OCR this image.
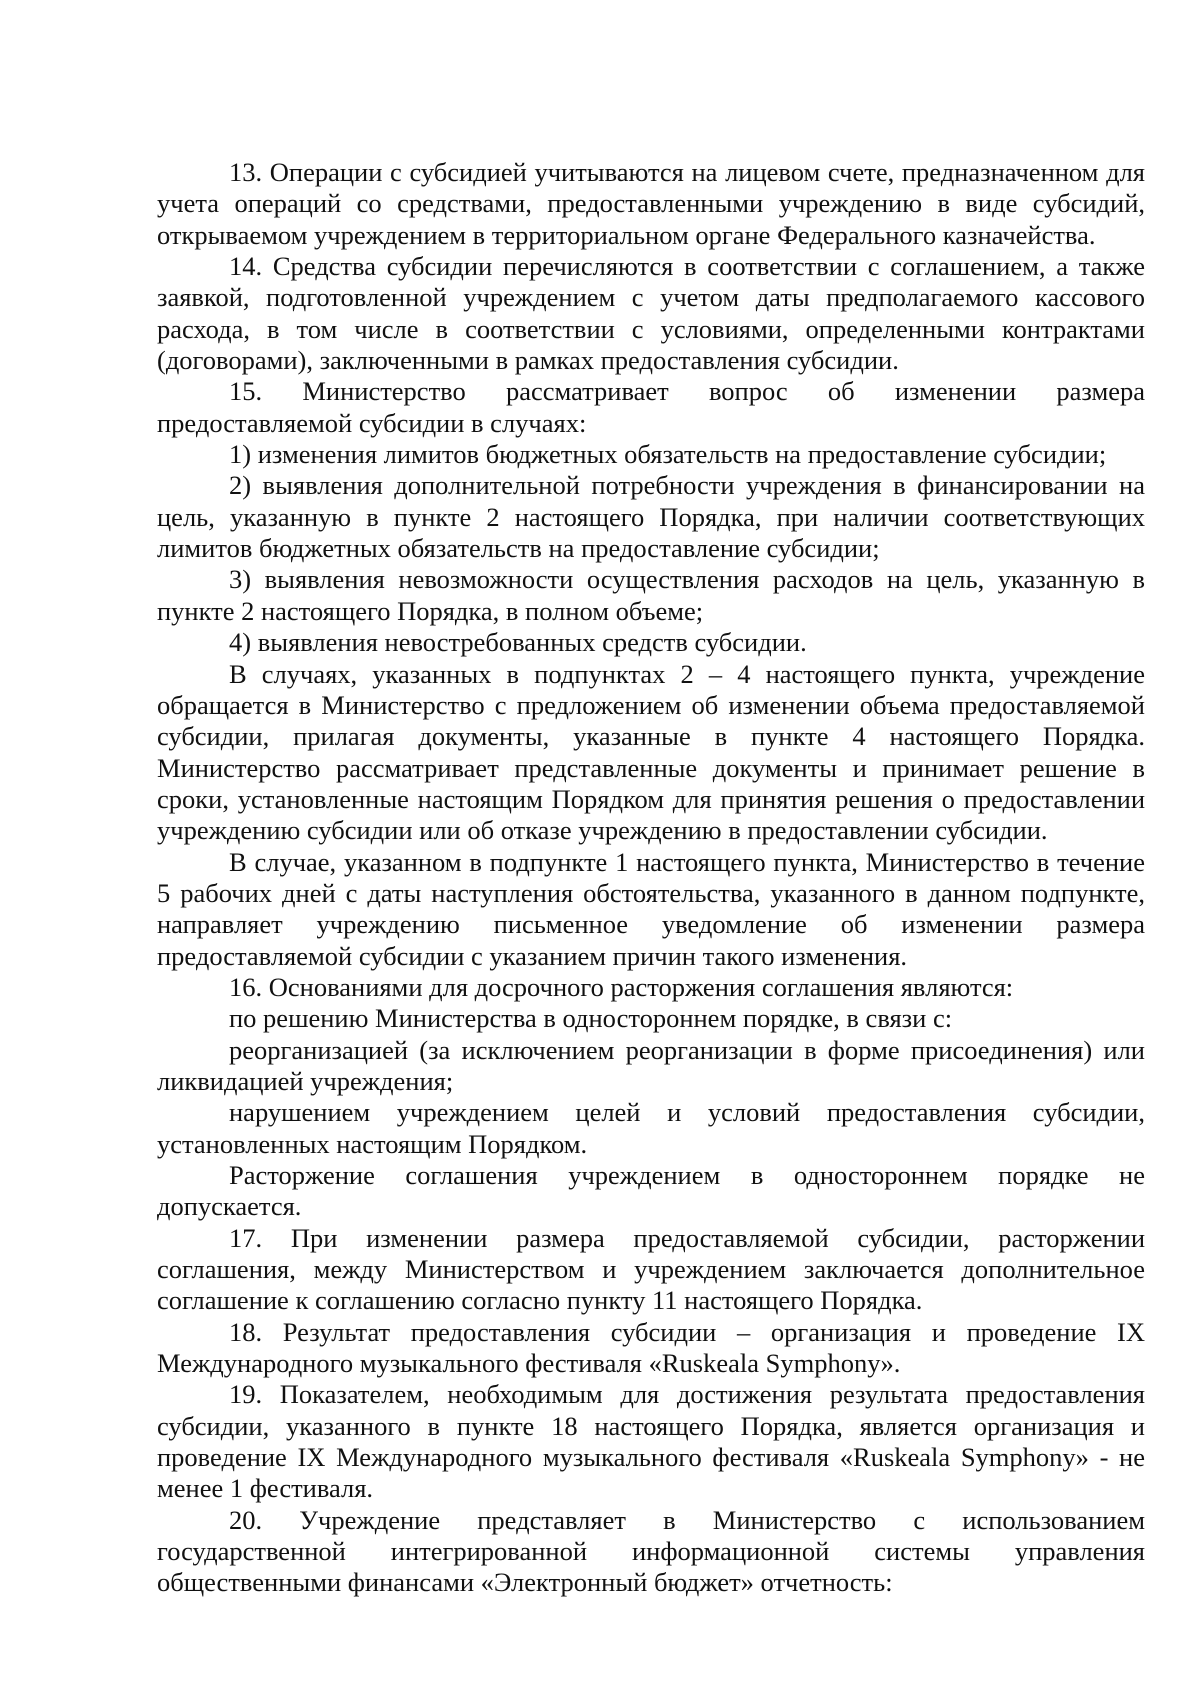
13. Операции с субсидией учитываются на лицевом счете, предназначенном для учета операций со средствами, предоставленными учреждению в виде субсидий, открываемом учреждением в территориальном органе Федерального казначейства.

14. Средства субсидии перечисляются в соответствии с соглашением, а также заявкой, подготовленной учреждением с учетом даты предполагаемого кассового расхода, в том числе в соответствии с условиями, определенными контрактами (договорами), заключенными в рамках предоставления субсидии.

15. Министерство рассматривает вопрос об изменении размера предоставляемой субсидии в случаях:

1) изменения лимитов бюджетных обязательств на предоставление субсидии;

2) выявления дополнительной потребности учреждения в финансировании на цель, указанную в пункте 2 настоящего Порядка, при наличии соответствующих лимитов бюджетных обязательств на предоставление субсидии;

3) выявления невозможности осуществления расходов на цель, указанную в пункте 2 настоящего Порядка, в полном объеме;

4) выявления невостребованных средств субсидии.

В случаях, указанных в подпунктах 2 – 4 настоящего пункта, учреждение обращается в Министерство с предложением об изменении объема предоставляемой субсидии, прилагая документы, указанные в пункте 4 настоящего Порядка. Министерство рассматривает представленные документы и принимает решение в сроки, установленные настоящим Порядком для принятия решения о предоставлении учреждению субсидии или об отказе учреждению в предоставлении субсидии.

В случае, указанном в подпункте 1 настоящего пункта, Министерство в течение 5 рабочих дней с даты наступления обстоятельства, указанного в данном подпункте, направляет учреждению письменное уведомление об изменении размера предоставляемой субсидии с указанием причин такого изменения.

16. Основаниями для досрочного расторжения соглашения являются:

по решению Министерства в одностороннем порядке, в связи с:

реорганизацией (за исключением реорганизации в форме присоединения) или ликвидацией учреждения;

нарушением учреждением целей и условий предоставления субсидии, установленных настоящим Порядком.

Расторжение соглашения учреждением в одностороннем порядке не допускается.

17. При изменении размера предоставляемой субсидии, расторжении соглашения, между Министерством и учреждением заключается дополнительное соглашение к соглашению согласно пункту 11 настоящего Порядка.

18. Результат предоставления субсидии – организация и проведение IX Международного музыкального фестиваля «Ruskeala Symphony».

19. Показателем, необходимым для достижения результата предоставления субсидии, указанного в пункте 18 настоящего Порядка, является организация и проведение IX Международного музыкального фестиваля «Ruskeala Symphony» - не менее 1 фестиваля.

20. Учреждение представляет в Министерство с использованием государственной интегрированной информационной системы управления общественными финансами «Электронный бюджет» отчетность:
